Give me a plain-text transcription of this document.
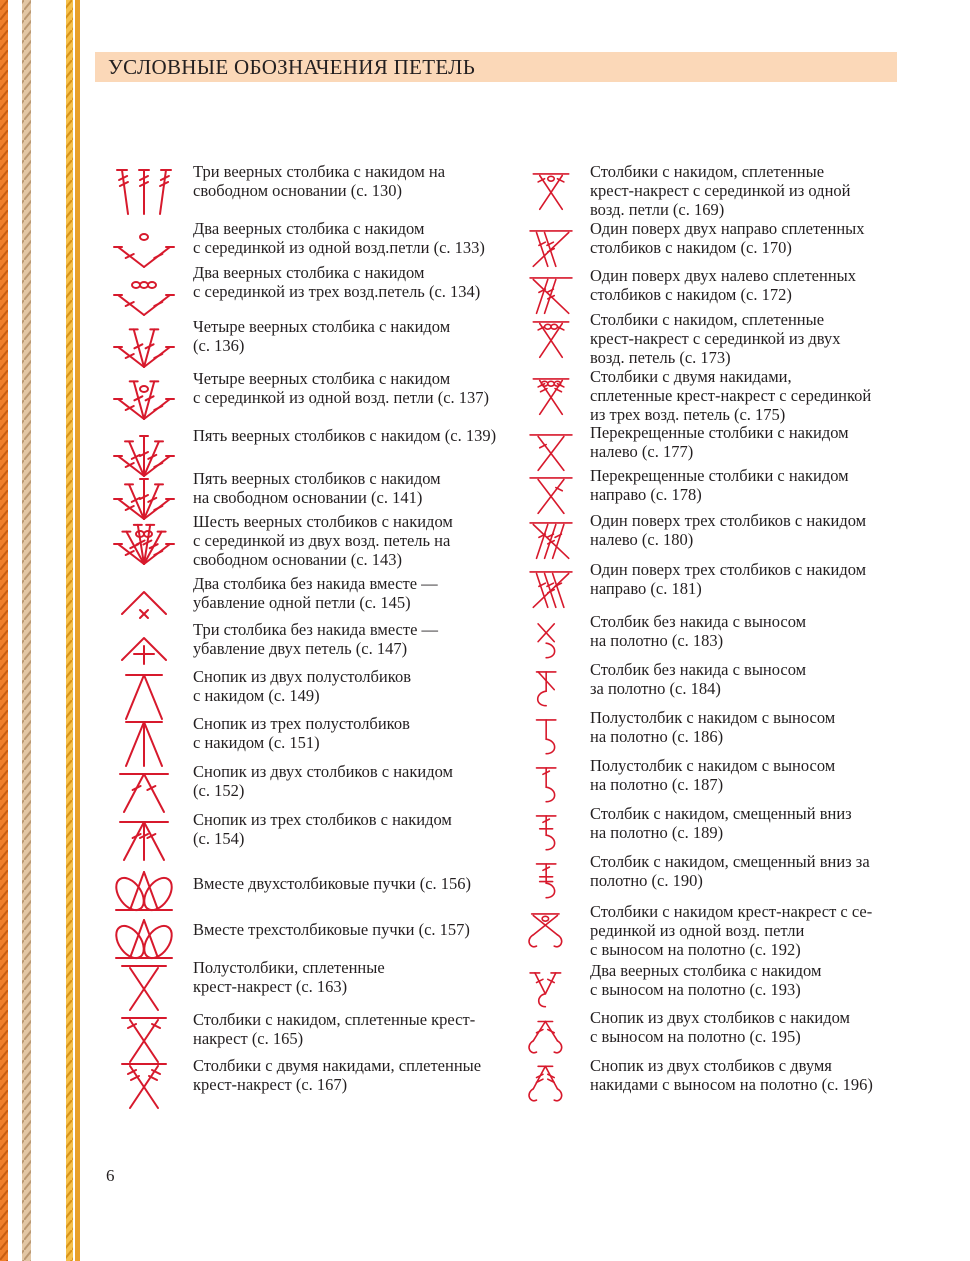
УСЛОВНЫЕ ОБОЗНАЧЕНИЯ ПЕТЕЛЬ
Три веерных столбика с накидом на
свободном основании (с. 130)
Два веерных столбика с накидом
с серединкой из одной возд.петли (с. 133)
Два веерных столбика с накидом
с серединкой из трех возд.петель (с. 134)
Четыре веерных столбика с накидом
(с. 136)
Четыре веерных столбика с накидом
с серединкой из одной возд. петли (с. 137)
Пять веерных столбиков с накидом (с. 139)
Пять веерных столбиков с накидом
на свободном основании (с. 141)
Шесть веерных столбиков с накидом
с серединкой из двух возд. петель на
свободном основании (с. 143)
Два столбика без накида вместе —
убавление одной петли (с. 145)
Три столбика без накида вместе —
убавление двух петель (с. 147)
Снопик из двух полустолбиков
с накидом (с. 149)
Снопик из трех полустолбиков
с накидом (с. 151)
Снопик из двух столбиков с накидом
(с. 152)
Снопик из трех столбиков с накидом
(с. 154)
Вместе двухстолбиковые пучки (с. 156)
Вместе трехстолбиковые пучки (с. 157)
Полустолбики, сплетенные
крест-накрест (с. 163)
Столбики с накидом, сплетенные крест-
накрест (с. 165)
Столбики с двумя накидами, сплетенные
крест-накрест (с. 167)
Столбики с накидом, сплетенные
крест-накрест с серединкой из одной
возд. петли (с. 169)
Один поверх двух направо сплетенных
столбиков с накидом (с. 170)
Один поверх двух налево сплетенных
столбиков с накидом (с. 172)
Столбики с накидом, сплетенные
крест-накрест с серединкой из двух
возд. петель (с. 173)
Столбики с двумя накидами,
сплетенные крест-накрест с серединкой
из трех возд. петель (с. 175)
Перекрещенные столбики с накидом
налево (с. 177)
Перекрещенные столбики с накидом
направо (с. 178)
Один поверх трех столбиков с накидом
налево (с. 180)
Один поверх трех столбиков с накидом
направо (с. 181)
Столбик без накида с выносом
на полотно (с. 183)
Столбик без накида с выносом
за полотно (с. 184)
Полустолбик с накидом с выносом
на полотно (с. 186)
Полустолбик с накидом с выносом
на полотно (с. 187)
Столбик с накидом, смещенный вниз
на полотно (с. 189)
Столбик с накидом, смещенный вниз за
полотно (с. 190)
Столбики с накидом крест-накрест с се-
рединкой из одной возд. петли
с выносом на полотно (с. 192)
Два веерных столбика с накидом
с выносом на полотно (с. 193)
Снопик из двух столбиков с накидом
с выносом на полотно (с. 195)
Снопик из двух столбиков с двумя
накидами с выносом на полотно (с. 196)
6
